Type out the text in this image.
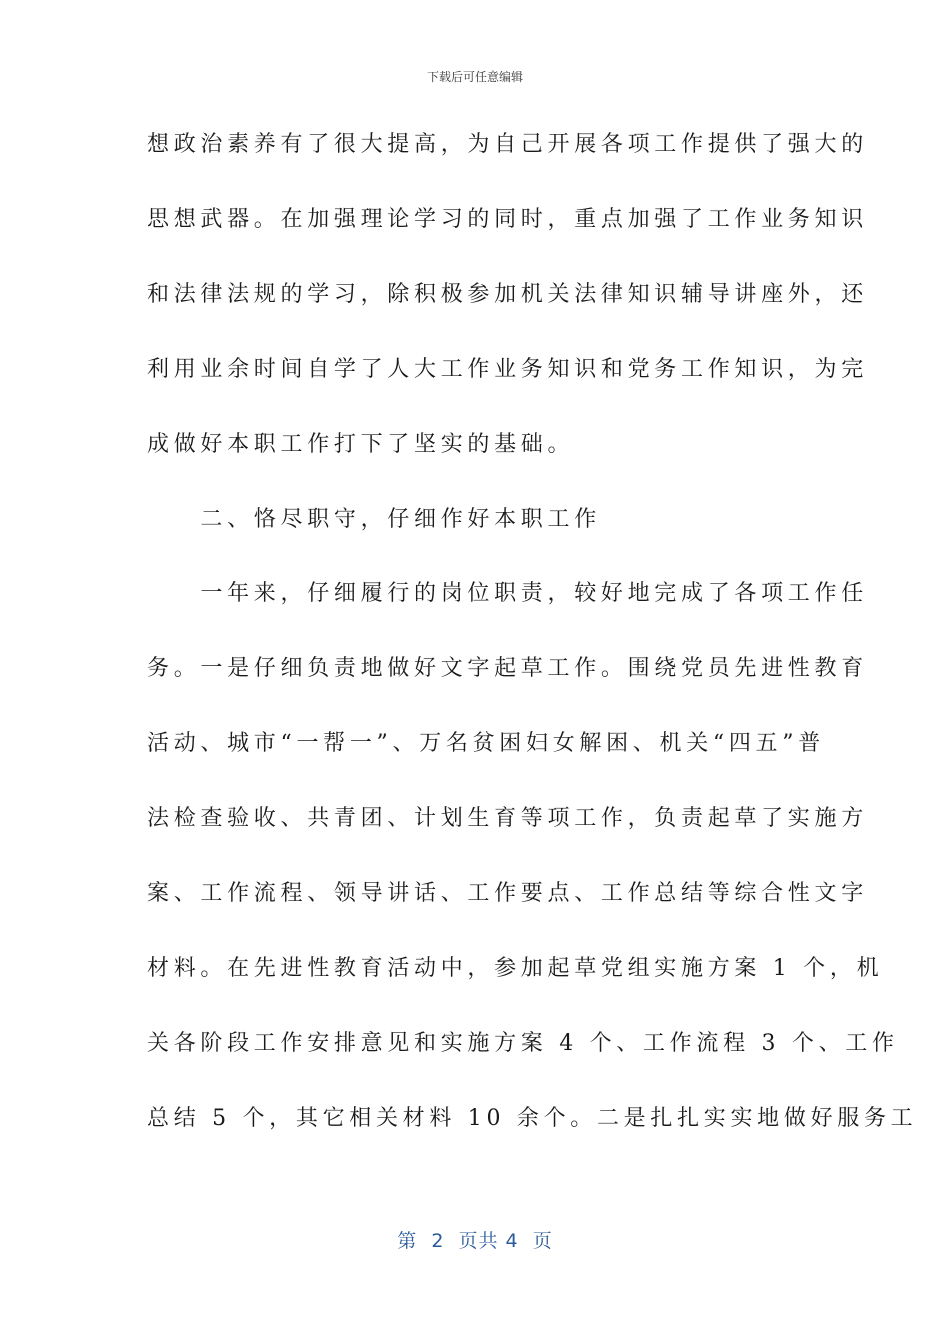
下载后可任意编辑
想政治素养有了很大提高，为自己开展各项工作提供了强大的
思想武器。在加强理论学习的同时，重点加强了工作业务知识
和法律法规的学习，除积极参加机关法律知识辅导讲座外，还
利用业余时间自学了人大工作业务知识和党务工作知识，为完
成做好本职工作打下了坚实的基础。
　　二、恪尽职守，仔细作好本职工作
　　一年来，仔细履行的岗位职责，较好地完成了各项工作任
务。一是仔细负责地做好文字起草工作。围绕党员先进性教育
活动、城市“一帮一”、万名贫困妇女解困、机关“四五”普
法检查验收、共青团、计划生育等项工作，负责起草了实施方
案、工作流程、领导讲话、工作要点、工作总结等综合性文字
材料。在先进性教育活动中，参加起草党组实施方案 1 个，机
关各阶段工作安排意见和实施方案 4 个、工作流程 3 个、工作
总结 5 个，其它相关材料 10 余个。二是扎扎实实地做好服务工
第  2  页共 4  页
